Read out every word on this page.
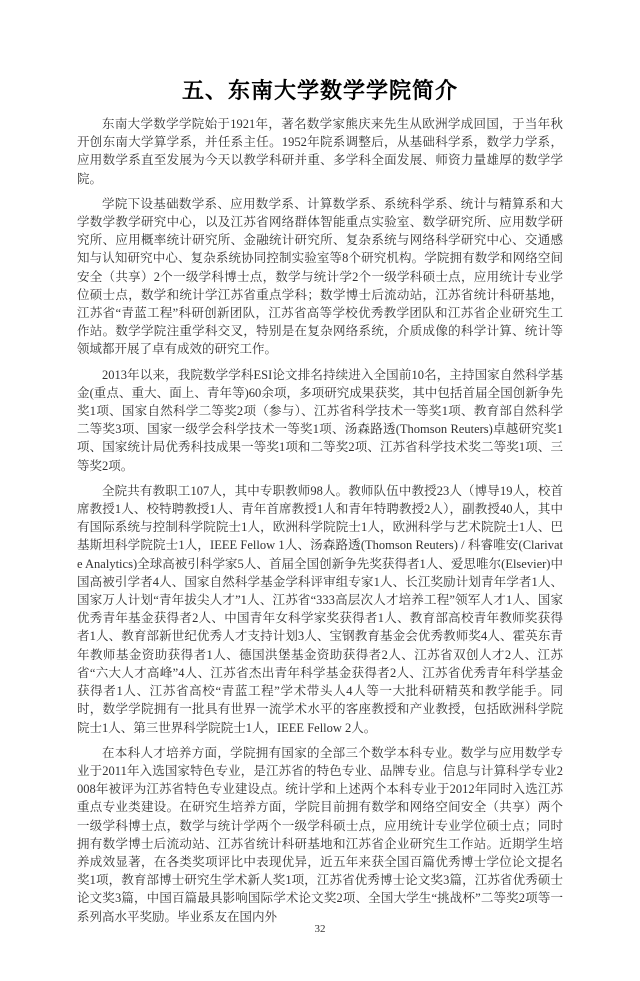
五、东南大学数学学院简介

东南大学数学学院始于1921年，著名数学家熊庆来先生从欧洲学成回国，于当年秋开创东南大学算学系，并任系主任。1952年院系调整后，从基础科学系，数学力学系，应用数学系直至发展为今天以教学科研并重、多学科全面发展、师资力量雄厚的数学学院。

学院下设基础数学系、应用数学系、计算数学系、系统科学系、统计与精算系和大学数学教学研究中心，以及江苏省网络群体智能重点实验室、数学研究所、应用数学研究所、应用概率统计研究所、金融统计研究所、复杂系统与网络科学研究中心、交通感知与认知研究中心、复杂系统协同控制实验室等8个研究机构。学院拥有数学和网络空间安全（共享）2个一级学科博士点，数学与统计学2个一级学科硕士点，应用统计专业学位硕士点，数学和统计学江苏省重点学科；数学博士后流动站，江苏省统计科研基地，江苏省“青蓝工程”科研创新团队，江苏省高等学校优秀教学团队和江苏省企业研究生工作站。数学学院注重学科交叉，特别是在复杂网络系统，介质成像的科学计算、统计等领域都开展了卓有成效的研究工作。

2013年以来，我院数学学科ESI论文排名持续进入全国前10名，主持国家自然科学基金(重点、重大、面上、青年等)60余项，多项研究成果获奖，其中包括首届全国创新争先奖1项、国家自然科学二等奖2项（参与）、江苏省科学技术一等奖1项、教育部自然科学二等奖3项、国家一级学会科学技术一等奖1项、汤森路透(Thomson Reuters)卓越研究奖1项、国家统计局优秀科技成果一等奖1项和二等奖2项、江苏省科学技术奖二等奖1项、三等奖2项。

全院共有教职工107人，其中专职教师98人。教师队伍中教授23人（博导19人，校首席教授1人、校特聘教授1人、青年首席教授1人和青年特聘教授2人），副教授40人，其中有国际系统与控制科学院院士1人，欧洲科学院院士1人，欧洲科学与艺术院院士1人、巴基斯坦科学院院士1人，IEEE Fellow 1人、汤森路透(Thomson Reuters) / 科睿唯安(Clarivate Analytics)全球高被引科学家5人、首届全国创新争先奖获得者1人、爱思唯尔(Elsevier)中国高被引学者4人、国家自然科学基金学科评审组专家1人、长江奖励计划青年学者1人、国家万人计划“青年拔尖人才”1人、江苏省“333高层次人才培养工程”领军人才1人、国家优秀青年基金获得者2人、中国青年女科学家奖获得者1人、教育部高校青年教师奖获得者1人、教育部新世纪优秀人才支持计划3人、宝钢教育基金会优秀教师奖4人、霍英东青年教师基金资助获得者1人、德国洪堡基金资助获得者2人、江苏省双创人才2人、江苏省“六大人才高峰”4人、江苏省杰出青年科学基金获得者2人、江苏省优秀青年科学基金获得者1人、江苏省高校“青蓝工程”学术带头人4人等一大批科研精英和教学能手。同时，数学学院拥有一批具有世界一流学术水平的客座教授和产业教授，包括欧洲科学院院士1人、第三世界科学院院士1人，IEEE Fellow 2人。

在本科人才培养方面，学院拥有国家的全部三个数学本科专业。数学与应用数学专业于2011年入选国家特色专业，是江苏省的特色专业、品牌专业。信息与计算科学专业2008年被评为江苏省特色专业建设点。统计学和上述两个本科专业于2012年同时入选江苏重点专业类建设。在研究生培养方面，学院目前拥有数学和网络空间安全（共享）两个一级学科博士点，数学与统计学两个一级学科硕士点，应用统计专业学位硕士点；同时拥有数学博士后流动站、江苏省统计科研基地和江苏省企业研究生工作站。近期学生培养成效显著，在各类奖项评比中表现优异，近五年来获全国百篇优秀博士学位论文提名奖1项，教育部博士研究生学术新人奖1项，江苏省优秀博士论文奖3篇，江苏省优秀硕士论文奖3篇，中国百篇最具影响国际学术论文奖2项、全国大学生“挑战杯”二等奖2项等一系列高水平奖励。毕业系友在国内外

32
